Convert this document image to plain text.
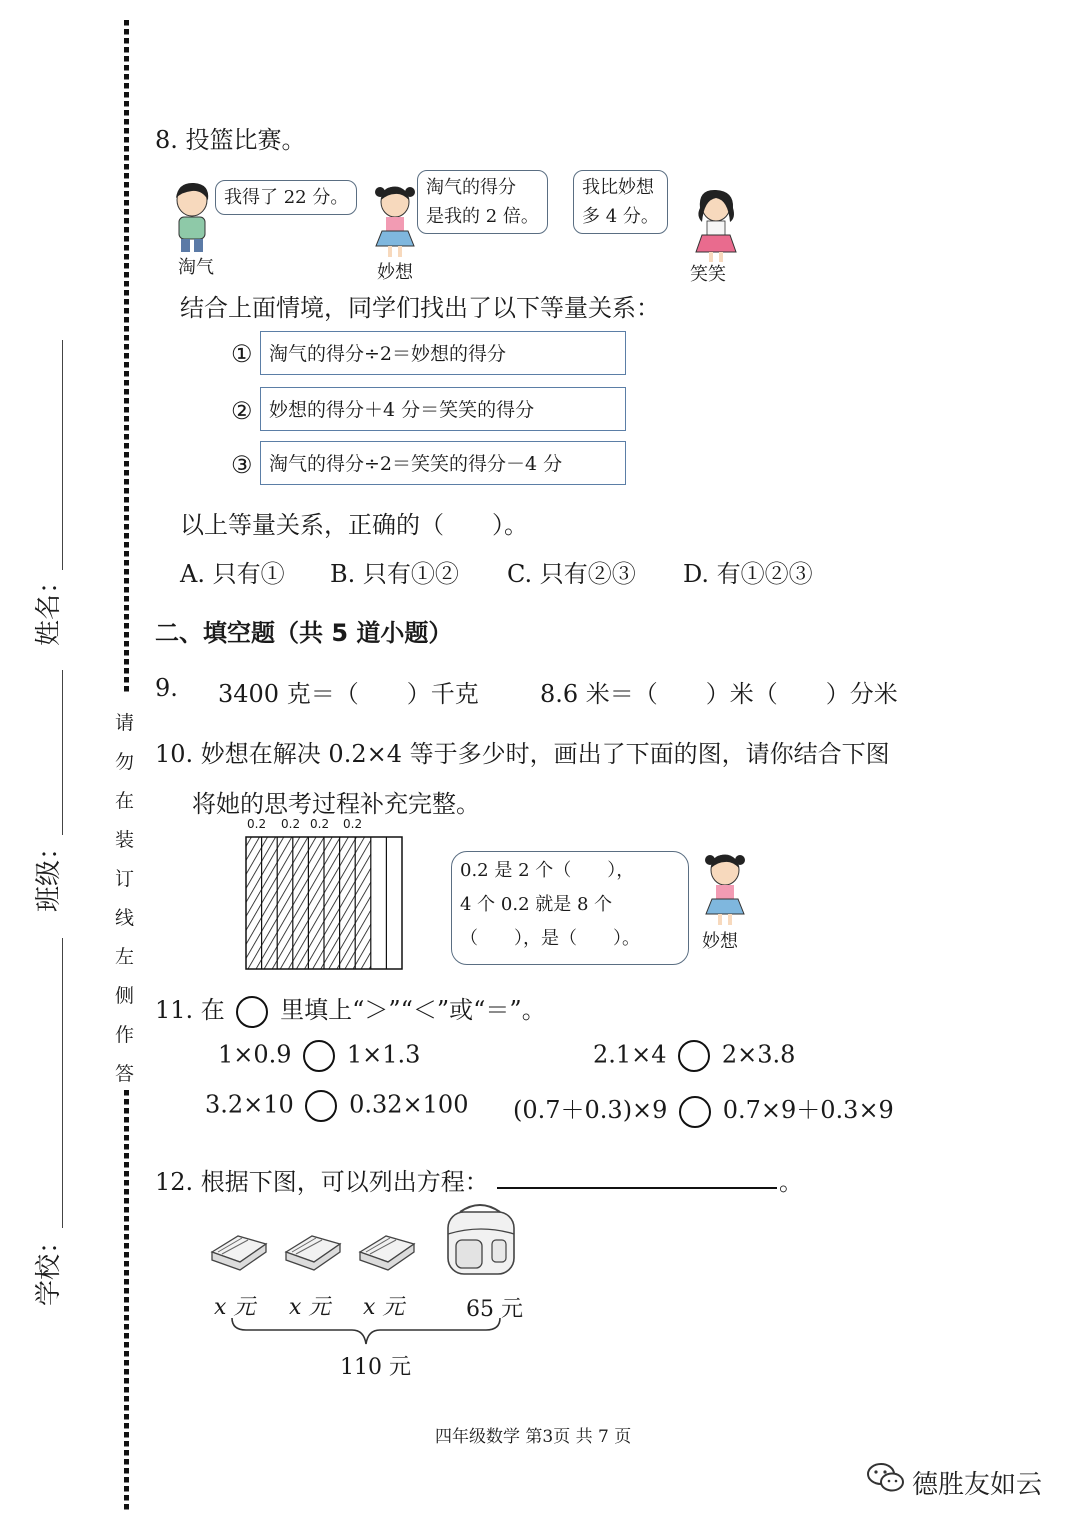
姓名：
班级：
学校：
请
勿
在
装
订
线
左
侧
作
答
8. 投篮比赛。
我得了 22 分。
淘气
淘气的得分
是我的 2 倍。
妙想
我比妙想
多 4 分。
笑笑
结合上面情境，同学们找出了以下等量关系：
① 淘气的得分÷2＝妙想的得分
② 妙想的得分＋4 分＝笑笑的得分
③ 淘气的得分÷2＝笑笑的得分－4 分
以上等量关系，正确的（　　）。
A. 只有① B. 只有①② C. 只有②③ D. 有①②③
二、填空题（共 5 道小题）
9. 3400 克＝（　　）千克	8.6 米＝（　　）米（　　）分米
10. 妙想在解决 0.2×4 等于多少时，画出了下面的图，请你结合下图
将她的思考过程补充完整。
0.2 0.2 0.2 0.2
0.2 是 2 个（　　），
4 个 0.2 就是 8 个
（　　），是（　　）。	妙想
11. 在 里填上“＞”“＜”或“＝”。
1×0.9 1×1.3	2.1×4 2×3.8
3.2×10 0.32×100 (0.7＋0.3)×9 0.7×9＋0.3×9
12. 根据下图，可以列出方程：	。
x 元 x 元 x 元	65 元
110 元
四年级数学 第3页 共 7 页
德胜友如云
